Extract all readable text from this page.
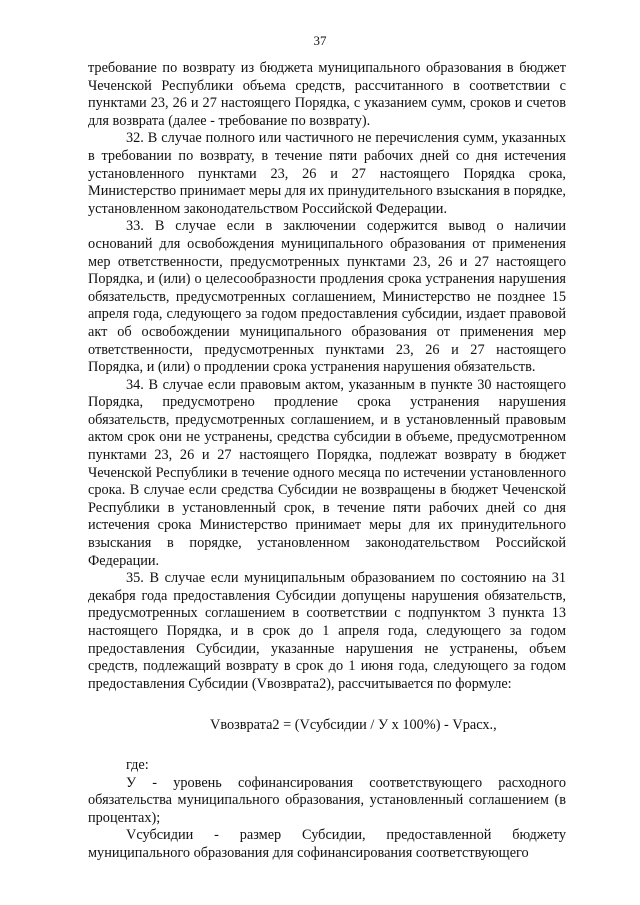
37

требование по возврату из бюджета муниципального образования в бюджет Чеченской Республики объема средств, рассчитанного в соответствии с пунктами 23, 26 и 27 настоящего Порядка, с указанием сумм, сроков и счетов для возврата (далее - требование по возврату).

32. В случае полного или частичного не перечисления сумм, указанных в требовании по возврату, в течение пяти рабочих дней со дня истечения установленного пунктами 23, 26 и 27 настоящего Порядка срока, Министерство принимает меры для их принудительного взыскания в порядке, установленном законодательством Российской Федерации.

33. В случае если в заключении содержится вывод о наличии оснований для освобождения муниципального образования от применения мер ответственности, предусмотренных пунктами 23, 26 и 27 настоящего Порядка, и (или) о целесообразности продления срока устранения нарушения обязательств, предусмотренных соглашением, Министерство не позднее 15 апреля года, следующего за годом предоставления субсидии, издает правовой акт об освобождении муниципального образования от применения мер ответственности, предусмотренных пунктами 23, 26 и 27 настоящего Порядка, и (или) о продлении срока устранения нарушения обязательств.

34. В случае если правовым актом, указанным в пункте 30 настоящего Порядка, предусмотрено продление срока устранения нарушения обязательств, предусмотренных соглашением, и в установленный правовым актом срок они не устранены, средства субсидии в объеме, предусмотренном пунктами 23, 26 и 27 настоящего Порядка, подлежат возврату в бюджет Чеченской Республики в течение одного месяца по истечении установленного срока. В случае если средства Субсидии не возвращены в бюджет Чеченской Республики в установленный срок, в течение пяти рабочих дней со дня истечения срока Министерство принимает меры для их принудительного взыскания в порядке, установленном законодательством Российской Федерации.

35. В случае если муниципальным образованием по состоянию на 31 декабря года предоставления Субсидии допущены нарушения обязательств, предусмотренных соглашением в соответствии с подпунктом 3 пункта 13 настоящего Порядка, и в срок до 1 апреля года, следующего за годом предоставления Субсидии, указанные нарушения не устранены, объем средств, подлежащий возврату в срок до 1 июня года, следующего за годом предоставления Субсидии (Vвозврата2), рассчитывается по формуле:

Vвозврата2 = (Vсубсидии / У x 100%) - Vрасх.,

где:

У - уровень софинансирования соответствующего расходного обязательства муниципального образования, установленный соглашением (в процентах);

Vсубсидии - размер Субсидии, предоставленной бюджету муниципального образования для софинансирования соответствующего
